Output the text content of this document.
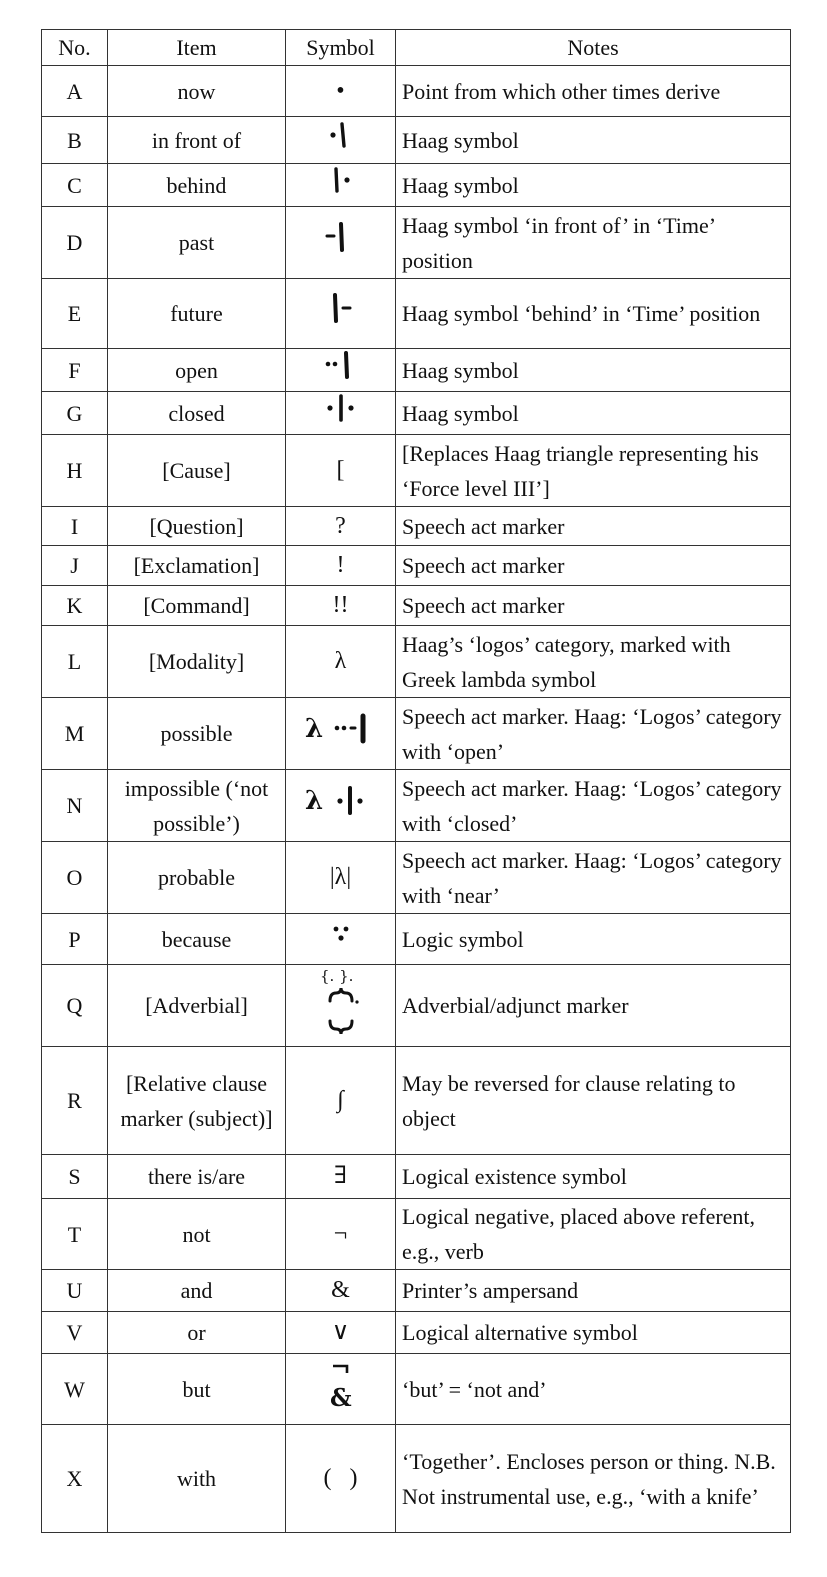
No.	Item	Symbol	Notes
A	now	•	Point from which other times derive
B	in front of		Haag symbol
C	behind		Haag symbol
D	past		Haag symbol ‘in front of’ in ‘Time’ position
E	future		Haag symbol ‘behind’ in ‘Time’ position
F	open		Haag symbol
G	closed		Haag symbol
H	[Cause]	[	[Replaces Haag triangle representing his ‘Force level III’]
I	[Question]	?	Speech act marker
J	[Exclamation]	!	Speech act marker
K	[Command]	!!	Speech act marker
L	[Modality]	λ	Haag’s ‘logos’ category, marked with Greek lambda symbol
M	possible	λ	Speech act marker. Haag: ‘Logos’ category with ‘open’
N	impossible (‘not possible’)	λ	Speech act marker. Haag: ‘Logos’ category with ‘closed’
O	probable	|λ|	Speech act marker. Haag: ‘Logos’ category with ‘near’
P	because		Logic symbol
Q	[Adverbial]	{. }.	Adverbial/adjunct marker
R	[Relative clause marker (subject)]	∫	May be reversed for clause relating to object
S	there is/are	∃	Logical existence symbol
T	not	¬	Logical negative, placed above referent, e.g., verb
U	and	&	Printer’s ampersand
V	or	∨	Logical alternative symbol
W	but	&	‘but’ = ‘not and’
X	with	(   )	‘Together’. Encloses person or thing. N.B. Not instrumental use, e.g., ‘with a knife’
